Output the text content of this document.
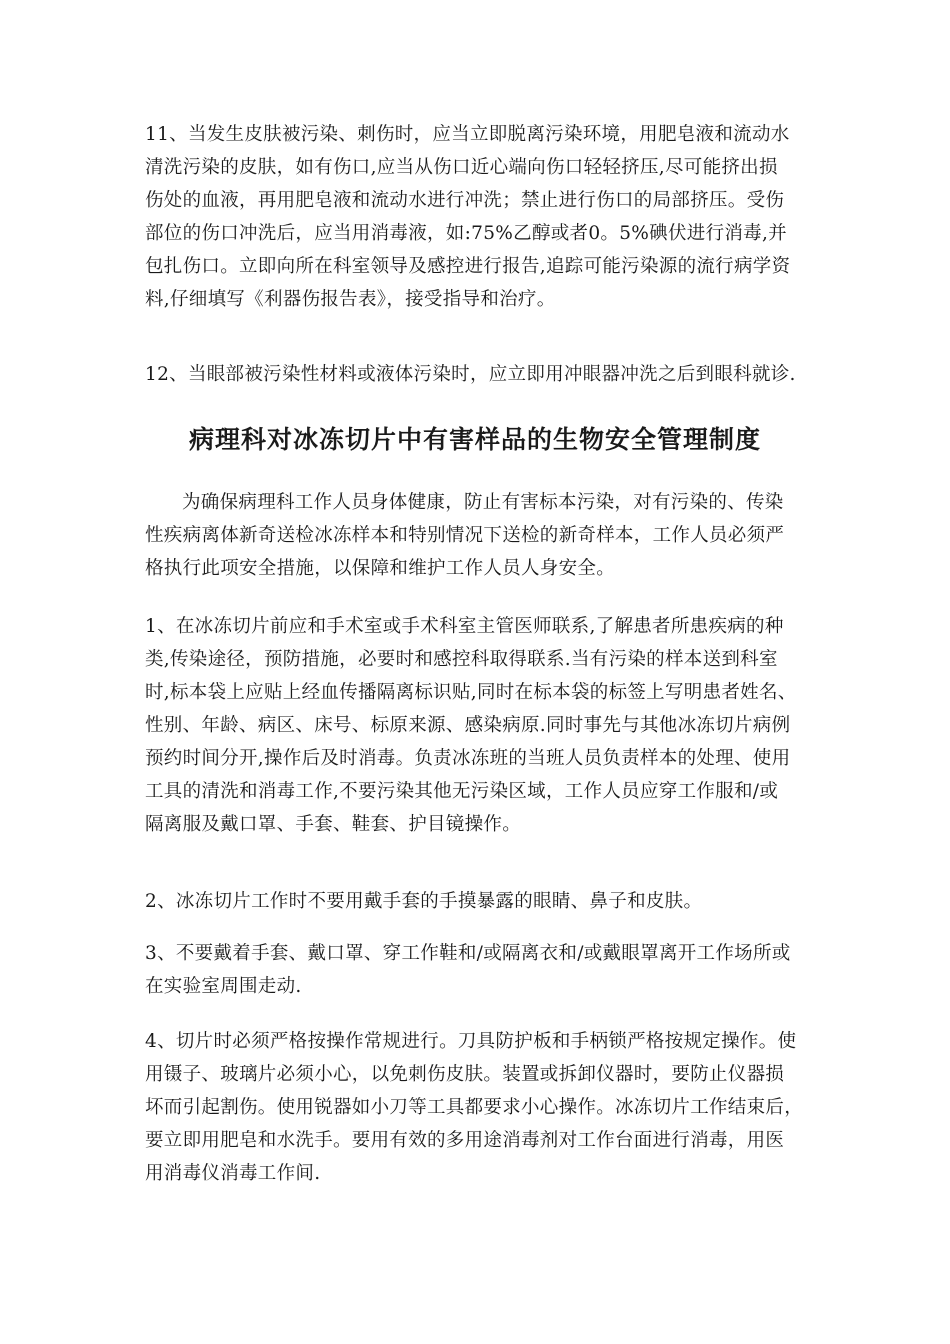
11、当发生皮肤被污染、刺伤时，应当立即脱离污染环境，用肥皂液和流动水
清洗污染的皮肤，如有伤口,应当从伤口近心端向伤口轻轻挤压,尽可能挤出损
伤处的血液，再用肥皂液和流动水进行冲洗；禁止进行伤口的局部挤压。受伤
部位的伤口冲洗后，应当用消毒液，如:75%乙醇或者0。5%碘伏进行消毒,并
包扎伤口。立即向所在科室领导及感控进行报告,追踪可能污染源的流行病学资
料,仔细填写《利器伤报告表》，接受指导和治疗。
12、当眼部被污染性材料或液体污染时，应立即用冲眼器冲洗之后到眼科就诊.
病理科对冰冻切片中有害样品的生物安全管理制度
为确保病理科工作人员身体健康，防止有害标本污染，对有污染的、传染
性疾病离体新奇送检冰冻样本和特别情况下送检的新奇样本，工作人员必须严
格执行此项安全措施，以保障和维护工作人员人身安全。
1、在冰冻切片前应和手术室或手术科室主管医师联系,了解患者所患疾病的种
类,传染途径，预防措施，必要时和感控科取得联系.当有污染的样本送到科室
时,标本袋上应贴上经血传播隔离标识贴,同时在标本袋的标签上写明患者姓名、
性别、年龄、病区、床号、标原来源、感染病原.同时事先与其他冰冻切片病例
预约时间分开,操作后及时消毒。负责冰冻班的当班人员负责样本的处理、使用
工具的清洗和消毒工作,不要污染其他无污染区域，工作人员应穿工作服和/或
隔离服及戴口罩、手套、鞋套、护目镜操作。
2、冰冻切片工作时不要用戴手套的手摸暴露的眼睛、鼻子和皮肤。
3、不要戴着手套、戴口罩、穿工作鞋和/或隔离衣和/或戴眼罩离开工作场所或
在实验室周围走动.
4、切片时必须严格按操作常规进行。刀具防护板和手柄锁严格按规定操作。使
用镊子、玻璃片必须小心，以免刺伤皮肤。装置或拆卸仪器时，要防止仪器损
坏而引起割伤。使用锐器如小刀等工具都要求小心操作。冰冻切片工作结束后，
要立即用肥皂和水洗手。要用有效的多用途消毒剂对工作台面进行消毒，用医
用消毒仪消毒工作间.
